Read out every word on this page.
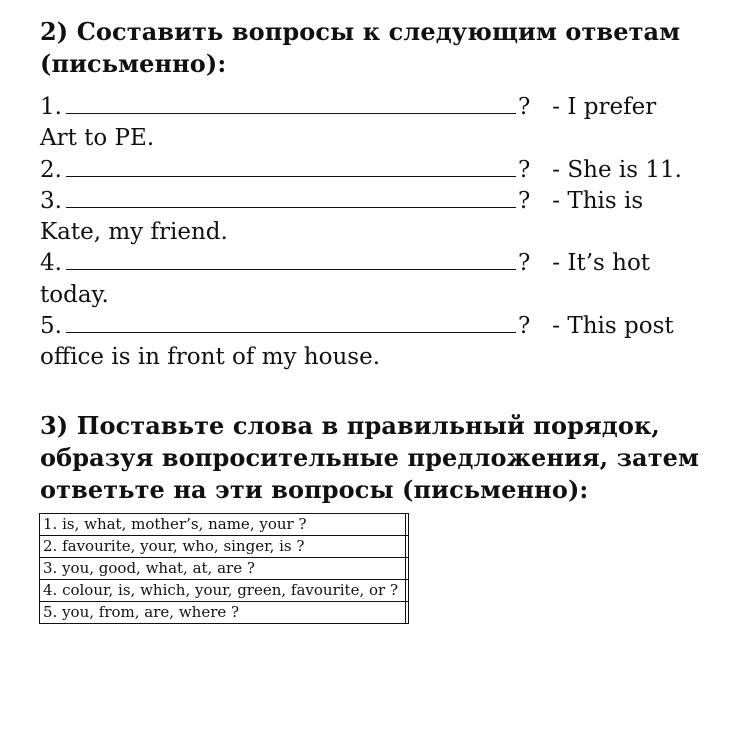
2) Составить вопросы к следующим ответам
(письменно):
1.	? - I prefer
Art to PE.
2.	? - She is 11.
3.	? - This is
Kate, my friend.
4.	? - It’s hot
today.
5.	? - This post
office is in front of my house.
3) Поставьте слова в правильный порядок,
образуя вопросительные предложения, затем
ответьте на эти вопросы (письменно):
1. is, what, mother’s, name, your ?	
2. favourite, your, who, singer, is ?	
3. you, good, what, at, are ?	
4. colour, is, which, your, green, favourite, or ?	
5. you, from, are, where ?	
